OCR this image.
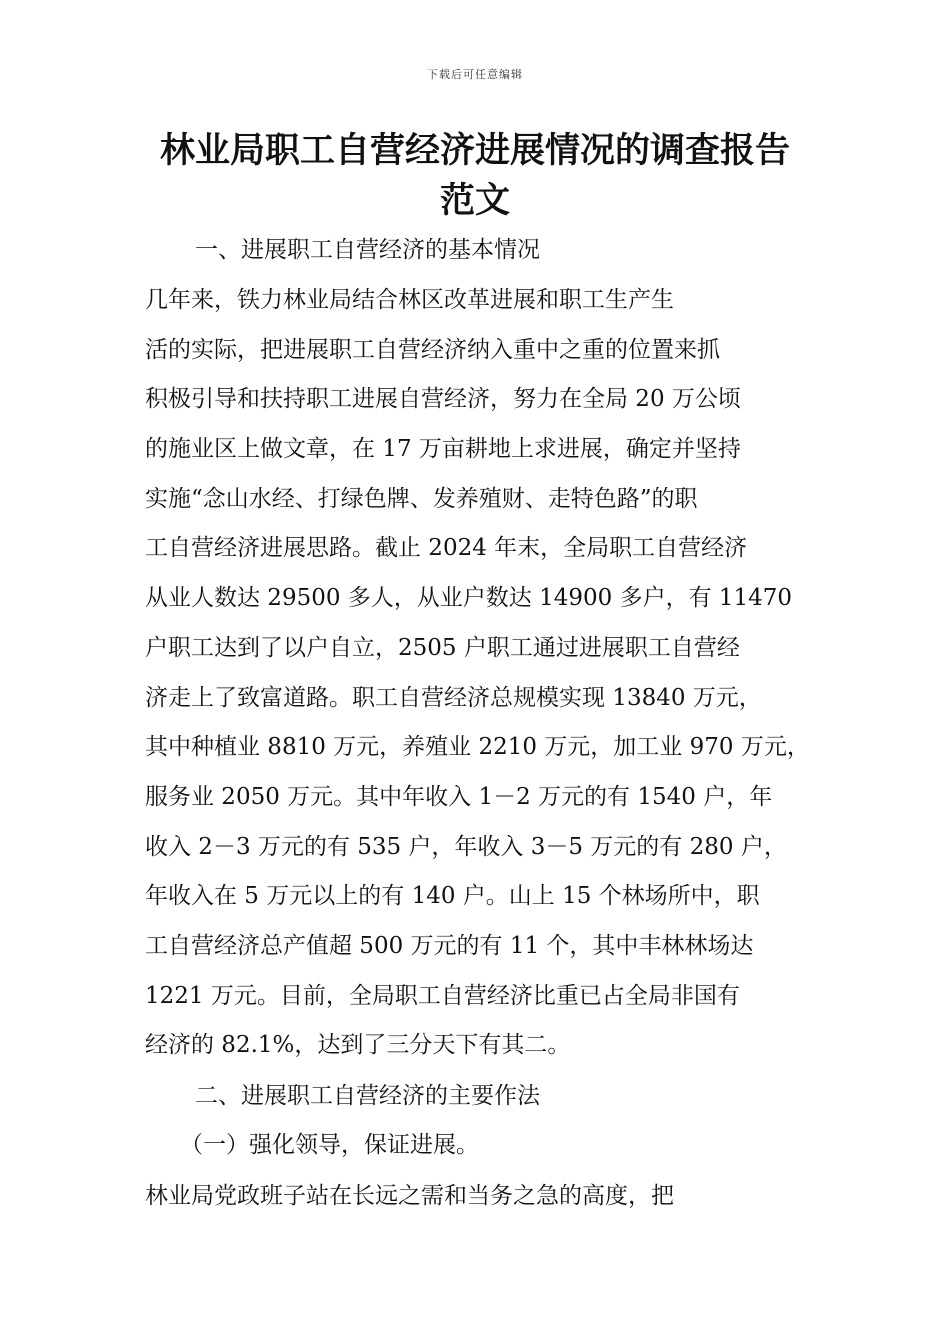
下载后可任意编辑
林业局职工自营经济进展情况的调查报告
范文
一、进展职工自营经济的基本情况
几年来，铁力林业局结合林区改革进展和职工生产生
活的实际，把进展职工自营经济纳入重中之重的位置来抓
积极引导和扶持职工进展自营经济，努力在全局 20 万公顷
的施业区上做文章，在 17 万亩耕地上求进展，确定并坚持
实施“念山水经、打绿色牌、发养殖财、走特色路”的职
工自营经济进展思路。截止 2024 年末，全局职工自营经济
从业人数达 29500 多人，从业户数达 14900 多户，有 11470
户职工达到了以户自立，2505 户职工通过进展职工自营经
济走上了致富道路。职工自营经济总规模实现 13840 万元，
其中种植业 8810 万元，养殖业 2210 万元，加工业 970 万元，
服务业 2050 万元。其中年收入 1－2 万元的有 1540 户，年
收入 2－3 万元的有 535 户，年收入 3－5 万元的有 280 户，
年收入在 5 万元以上的有 140 户。山上 15 个林场所中，职
工自营经济总产值超 500 万元的有 11 个，其中丰林林场达
1221 万元。目前，全局职工自营经济比重已占全局非国有
经济的 82.1%，达到了三分天下有其二。
二、进展职工自营经济的主要作法
（一）强化领导，保证进展。
林业局党政班子站在长远之需和当务之急的高度，把
